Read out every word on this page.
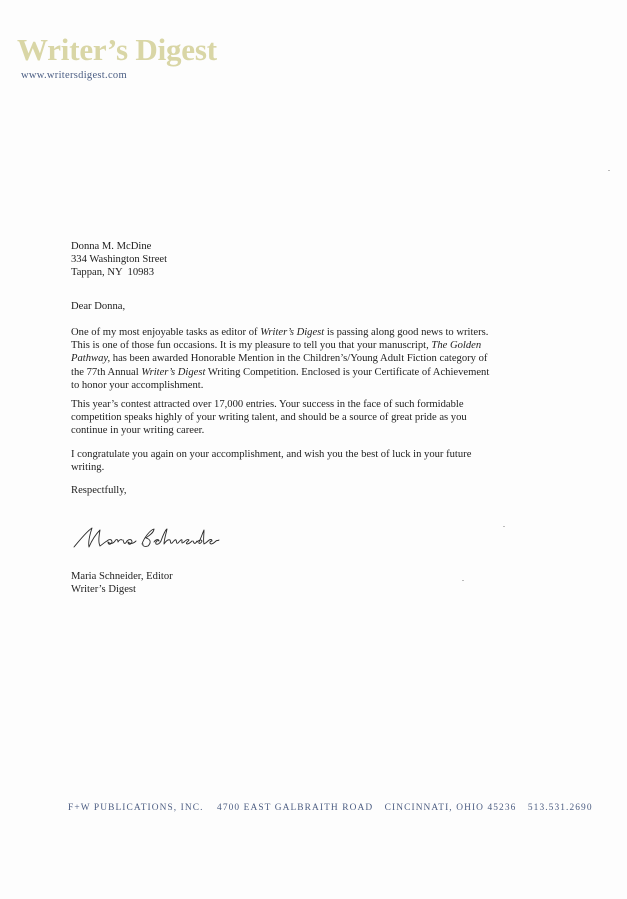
Writer’s Digest
www.writersdigest.com

Donna M. McDine

334 Washington Street

Tappan, NY  10983

Dear Donna,

One of my most enjoyable tasks as editor of Writer’s Digest is passing along good news to writers. This is one of those fun occasions. It is my pleasure to tell you that your manuscript, The Golden Pathway, has been awarded Honorable Mention in the Children’s/Young Adult Fiction category of the 77th Annual Writer’s Digest Writing Competition. Enclosed is your Certificate of Achievement to honor your accomplishment.

This year’s contest attracted over 17,000 entries. Your success in the face of such formidable competition speaks highly of your writing talent, and should be a source of great pride as you continue in your writing career.

I congratulate you again on your accomplishment, and wish you the best of luck in your future writing.

Respectfully,

Maria Schneider, Editor

Writer’s Digest

F+W PUBLICATIONS, INC. 4700 EAST GALBRAITH ROAD CINCINNATI, OHIO 45236 513.531.2690
